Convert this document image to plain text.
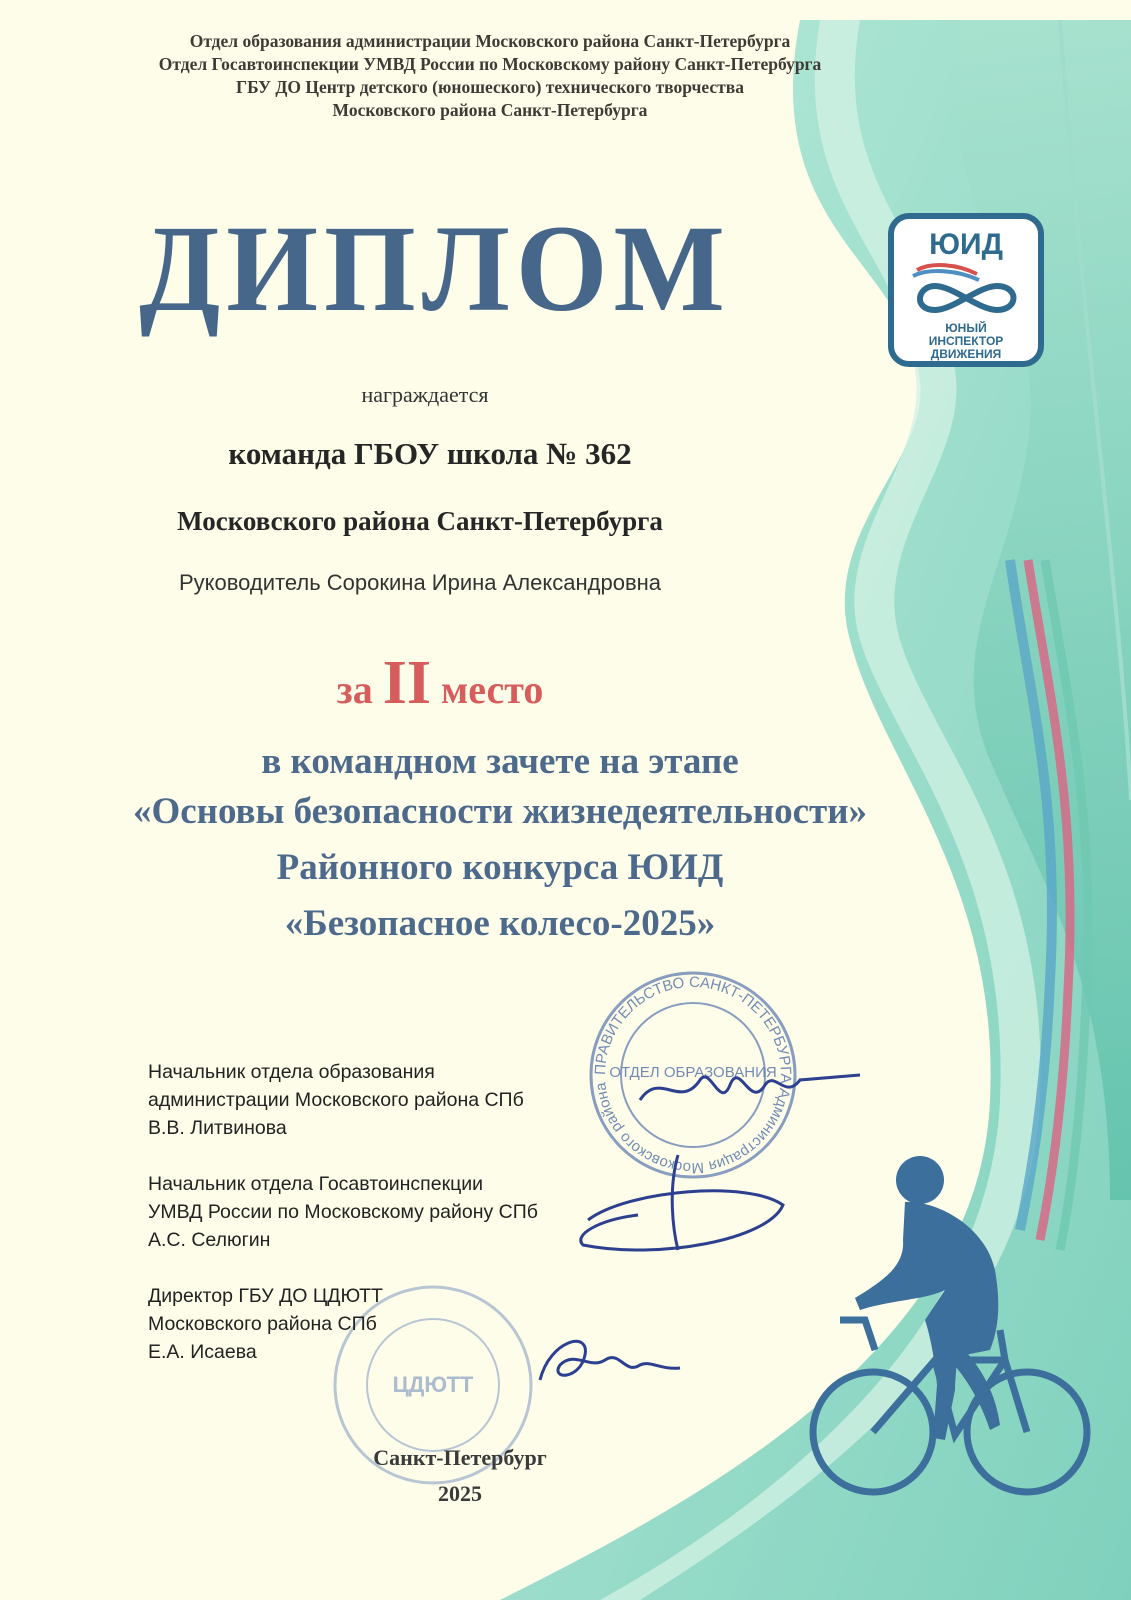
Отдел образования администрации Московского района Санкт-Петербурга
Отдел Госавтоинспекции УМВД России по Московскому району Санкт-Петербурга
ГБУ ДО Центр детского (юношеского) технического творчества
Московского района Санкт-Петербурга
ЮИД
ЮНЫЙ
ИНСПЕКТОР
ДВИЖЕНИЯ
ДИПЛОМ
награждается
команда ГБОУ школа № 362
Московского района Санкт-Петербурга
Руководитель Сорокина Ирина Александровна
за II место
в командном зачете на этапе
«Основы безопасности жизнедеятельности»
Районного конкурса ЮИД
«Безопасное колесо-2025»
ПРАВИТЕЛЬСТВО САНКТ-ПЕТЕРБУРГА Администрация Московского района
ОТДЕЛ ОБРАЗОВАНИЯ
ЦДЮТТ
Начальник отдела образования
администрации Московского района СПб
В.В. Литвинова
Начальник отдела Госавтоинспекции
УМВД России по Московскому району СПб
А.С. Селюгин
Директор ГБУ ДО ЦДЮТТ
Московского района СПб
Е.А. Исаева
Санкт-Петербург
2025
